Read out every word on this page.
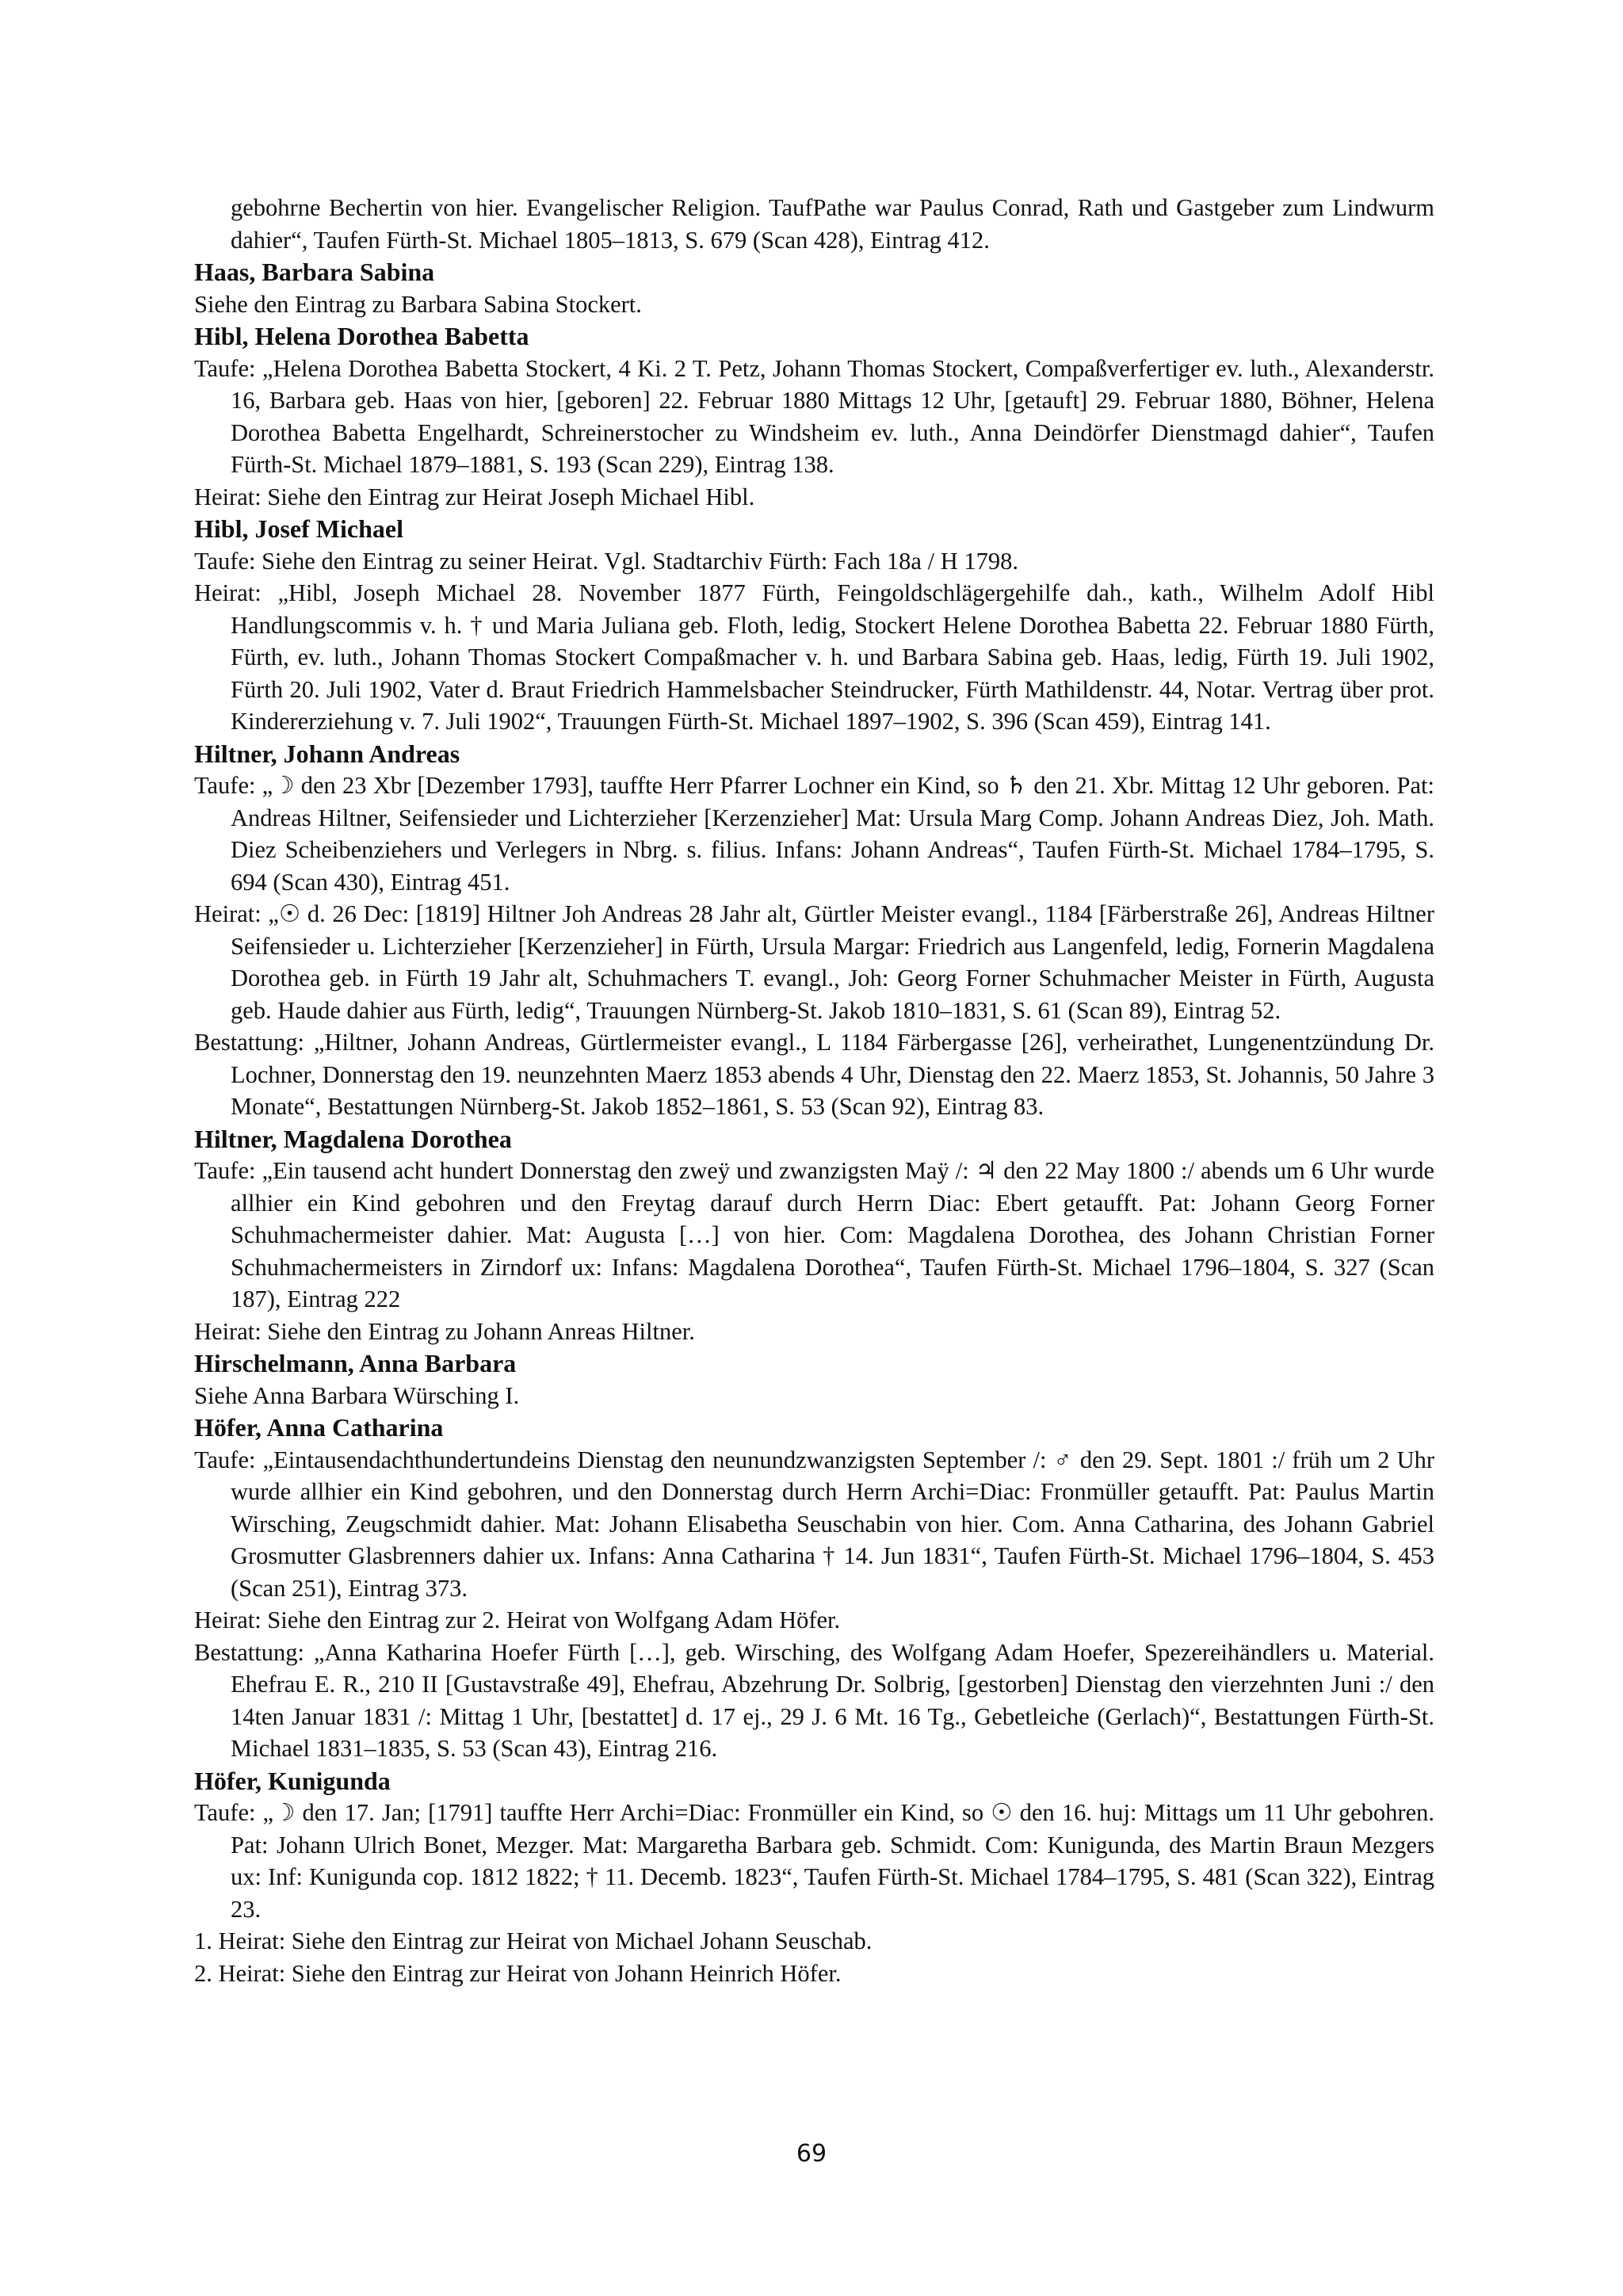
gebohrne Bechertin von hier. Evangelischer Religion. TaufPathe war Paulus Conrad, Rath und Gastgeber zum Lindwurm dahier“, Taufen Fürth-St. Michael 1805–1813, S. 679 (Scan 428), Eintrag 412.

Haas, Barbara Sabina

Siehe den Eintrag zu Barbara Sabina Stockert.

Hibl, Helena Dorothea Babetta

Taufe: „Helena Dorothea Babetta Stockert, 4 Ki. 2 T. Petz, Johann Thomas Stockert, Compaßverfertiger ev. luth., Alexanderstr. 16, Barbara geb. Haas von hier, [geboren] 22. Februar 1880 Mittags 12 Uhr, [getauft] 29. Februar 1880, Böhner, Helena Dorothea Babetta Engelhardt, Schreinerstocher zu Windsheim ev. luth., Anna Deindörfer Dienstmagd dahier“, Taufen Fürth-St. Michael 1879–1881, S. 193 (Scan 229), Eintrag 138.

Heirat: Siehe den Eintrag zur Heirat Joseph Michael Hibl.

Hibl, Josef Michael

Taufe: Siehe den Eintrag zu seiner Heirat. Vgl. Stadtarchiv Fürth: Fach 18a / H 1798.

Heirat: „Hibl, Joseph Michael 28. November 1877 Fürth, Feingoldschlägergehilfe dah., kath., Wilhelm Adolf Hibl Handlungscommis v. h. † und Maria Juliana geb. Floth, ledig, Stockert Helene Dorothea Babetta 22. Februar 1880 Fürth, Fürth, ev. luth., Johann Thomas Stockert Compaßmacher v. h. und Barbara Sabina geb. Haas, ledig, Fürth 19. Juli 1902, Fürth 20. Juli 1902, Vater d. Braut Friedrich Hammelsbacher Steindrucker, Fürth Mathildenstr. 44, Notar. Vertrag über prot. Kindererziehung v. 7. Juli 1902“, Trauungen Fürth-St. Michael 1897–1902, S. 396 (Scan 459), Eintrag 141.

Hiltner, Johann Andreas

Taufe: „☽ den 23 Xbr [Dezember 1793], tauffte Herr Pfarrer Lochner ein Kind, so ♄ den 21. Xbr. Mittag 12 Uhr geboren. Pat: Andreas Hiltner, Seifensieder und Lichterzieher [Kerzenzieher] Mat: Ursula Marg Comp. Johann Andreas Diez, Joh. Math. Diez Scheibenziehers und Verlegers in Nbrg. s. filius. Infans: Johann Andreas“, Taufen Fürth-St. Michael 1784–1795, S. 694 (Scan 430), Eintrag 451.

Heirat: „☉ d. 26 Dec: [1819] Hiltner Joh Andreas 28 Jahr alt, Gürtler Meister evangl., 1184 [Färberstraße 26], Andreas Hiltner Seifensieder u. Lichterzieher [Kerzenzieher] in Fürth, Ursula Margar: Friedrich aus Langenfeld, ledig, Fornerin Magdalena Dorothea geb. in Fürth 19 Jahr alt, Schuhmachers T. evangl., Joh: Georg Forner Schuhmacher Meister in Fürth, Augusta geb. Haude dahier aus Fürth, ledig“, Trauungen Nürnberg-St. Jakob 1810–1831, S. 61 (Scan 89), Eintrag 52.

Bestattung: „Hiltner, Johann Andreas, Gürtlermeister evangl., L 1184 Färbergasse [26], verheirathet, Lungenentzündung Dr. Lochner, Donnerstag den 19. neunzehnten Maerz 1853 abends 4 Uhr, Dienstag den 22. Maerz 1853, St. Johannis, 50 Jahre 3 Monate“, Bestattungen Nürnberg-St. Jakob 1852–1861, S. 53 (Scan 92), Eintrag 83.

Hiltner, Magdalena Dorothea

Taufe: „Ein tausend acht hundert Donnerstag den zweÿ und zwanzigsten Maÿ /: ♃ den 22 May 1800 :/ abends um 6 Uhr wurde allhier ein Kind gebohren und den Freytag darauf durch Herrn Diac: Ebert getaufft. Pat: Johann Georg Forner Schuhmachermeister dahier. Mat: Augusta […] von hier. Com: Magdalena Dorothea, des Johann Christian Forner Schuhmachermeisters in Zirndorf ux: Infans: Magdalena Dorothea“, Taufen Fürth-St. Michael 1796–1804, S. 327 (Scan 187), Eintrag 222

Heirat: Siehe den Eintrag zu Johann Anreas Hiltner.

Hirschelmann, Anna Barbara

Siehe Anna Barbara Würsching I.

Höfer, Anna Catharina

Taufe: „Eintausendachthundertundeins Dienstag den neunundzwanzigsten September /: ♂ den 29. Sept. 1801 :/ früh um 2 Uhr wurde allhier ein Kind gebohren, und den Donnerstag durch Herrn Archi=Diac: Fronmüller getaufft. Pat: Paulus Martin Wirsching, Zeugschmidt dahier. Mat: Johann Elisabetha Seuschabin von hier. Com. Anna Catharina, des Johann Gabriel Grosmutter Glasbrenners dahier ux. Infans: Anna Catharina † 14. Jun 1831“, Taufen Fürth-St. Michael 1796–1804, S. 453 (Scan 251), Eintrag 373.

Heirat: Siehe den Eintrag zur 2. Heirat von Wolfgang Adam Höfer.

Bestattung: „Anna Katharina Hoefer Fürth […], geb. Wirsching, des Wolfgang Adam Hoefer, Spezereihändlers u. Material. Ehefrau E. R., 210 II [Gustavstraße 49], Ehefrau, Abzehrung Dr. Solbrig, [gestorben] Dienstag den vierzehnten Juni :/ den 14ten Januar 1831 /: Mittag 1 Uhr, [bestattet] d. 17 ej., 29 J. 6 Mt. 16 Tg., Gebetleiche (Gerlach)“, Bestattungen Fürth-St. Michael 1831–1835, S. 53 (Scan 43), Eintrag 216.

Höfer, Kunigunda

Taufe: „☽ den 17. Jan; [1791] tauffte Herr Archi=Diac: Fronmüller ein Kind, so ☉ den 16. huj: Mittags um 11 Uhr gebohren. Pat: Johann Ulrich Bonet, Mezger. Mat: Margaretha Barbara geb. Schmidt. Com: Kunigunda, des Martin Braun Mezgers ux: Inf: Kunigunda cop. 1812 1822; † 11. Decemb. 1823“, Taufen Fürth-St. Michael 1784–1795, S. 481 (Scan 322), Eintrag 23.

1. Heirat: Siehe den Eintrag zur Heirat von Michael Johann Seuschab.

2. Heirat: Siehe den Eintrag zur Heirat von Johann Heinrich Höfer.

69
